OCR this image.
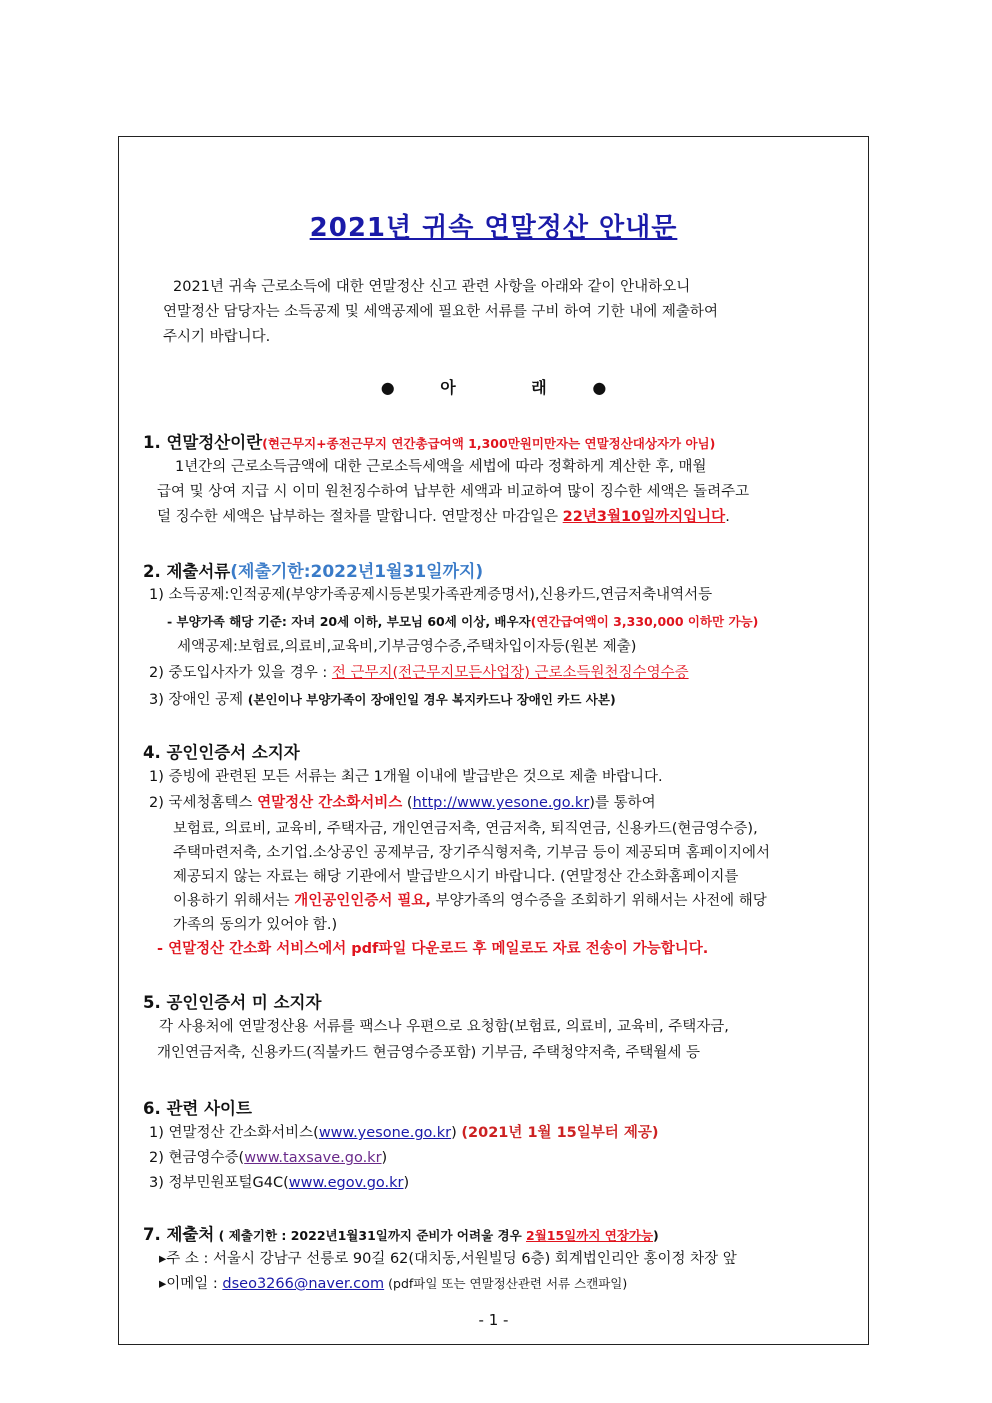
2021년 귀속 연말정산 안내문
2021년 귀속 근로소득에 대한 연말정산 신고 관련 사항을 아래와 같이 안내하오니
연말정산 담당자는 소득공제 및 세액공제에 필요한 서류를 구비 하여 기한 내에 제출하여
주시기 바랍니다.
●	아	래	●
1. 연말정산이란(현근무지+종전근무지 연간총급여액 1,300만원미만자는 연말정산대상자가 아님)
1년간의 근로소득금액에 대한 근로소득세액을 세법에 따라 정확하게 계산한 후, 매월
급여 및 상여 지급 시 이미 원천징수하여 납부한 세액과 비교하여 많이 징수한 세액은 돌려주고
덜 징수한 세액은 납부하는 절차를 말합니다. 연말정산 마감일은 22년3월10일까지입니다.
2. 제출서류(제출기한:2022년1월31일까지)
1) 소득공제:인적공제(부양가족공제시등본및가족관계증명서),신용카드,연금저축내역서등
- 부양가족 해당 기준: 자녀 20세 이하, 부모님 60세 이상, 배우자(연간급여액이 3,330,000 이하만 가능)
세액공제:보험료,의료비,교육비,기부금영수증,주택차입이자등(원본 제출)
2) 중도입사자가 있을 경우 : 전 근무지(전근무지모든사업장) 근로소득원천징수영수증
3) 장애인 공제 (본인이나 부양가족이 장애인일 경우 복지카드나 장애인 카드 사본)
4. 공인인증서 소지자
1) 증빙에 관련된 모든 서류는 최근 1개월 이내에 발급받은 것으로 제출 바랍니다.
2) 국세청홈텍스 연말정산 간소화서비스 (http://www.yesone.go.kr)를 통하여
보험료, 의료비, 교육비, 주택자금, 개인연금저축, 연금저축, 퇴직연금, 신용카드(현금영수증),
주택마련저축, 소기업.소상공인 공제부금, 장기주식형저축, 기부금 등이 제공되며 홈페이지에서
제공되지 않는 자료는 해당 기관에서 발급받으시기 바랍니다. (연말정산 간소화홈페이지를
이용하기 위해서는 개인공인인증서 필요, 부양가족의 영수증을 조회하기 위해서는 사전에 해당
가족의 동의가 있어야 함.)
- 연말정산 간소화 서비스에서 pdf파일 다운로드 후 메일로도 자료 전송이 가능합니다.
5. 공인인증서 미 소지자
각 사용처에 연말정산용 서류를 팩스나 우편으로 요청함(보험료, 의료비, 교육비, 주택자금,
개인연금저축, 신용카드(직불카드 현금영수증포함) 기부금, 주택청약저축, 주택월세 등
6. 관련 사이트
1) 연말정산 간소화서비스(www.yesone.go.kr) (2021년 1월 15일부터 제공)
2) 현금영수증(www.taxsave.go.kr)
3) 정부민원포털G4C(www.egov.go.kr)
7. 제출처 ( 제출기한 : 2022년1월31일까지 준비가 어려울 경우 2월15일까지 연장가능)
▸주 소 : 서울시 강남구 선릉로 90길 62(대치동,서원빌딩 6층) 회계법인리안 홍이정 차장 앞
▸이메일 : dseo3266@naver.com (pdf파일 또는 연말정산관련 서류 스캔파일)
- 1 -
